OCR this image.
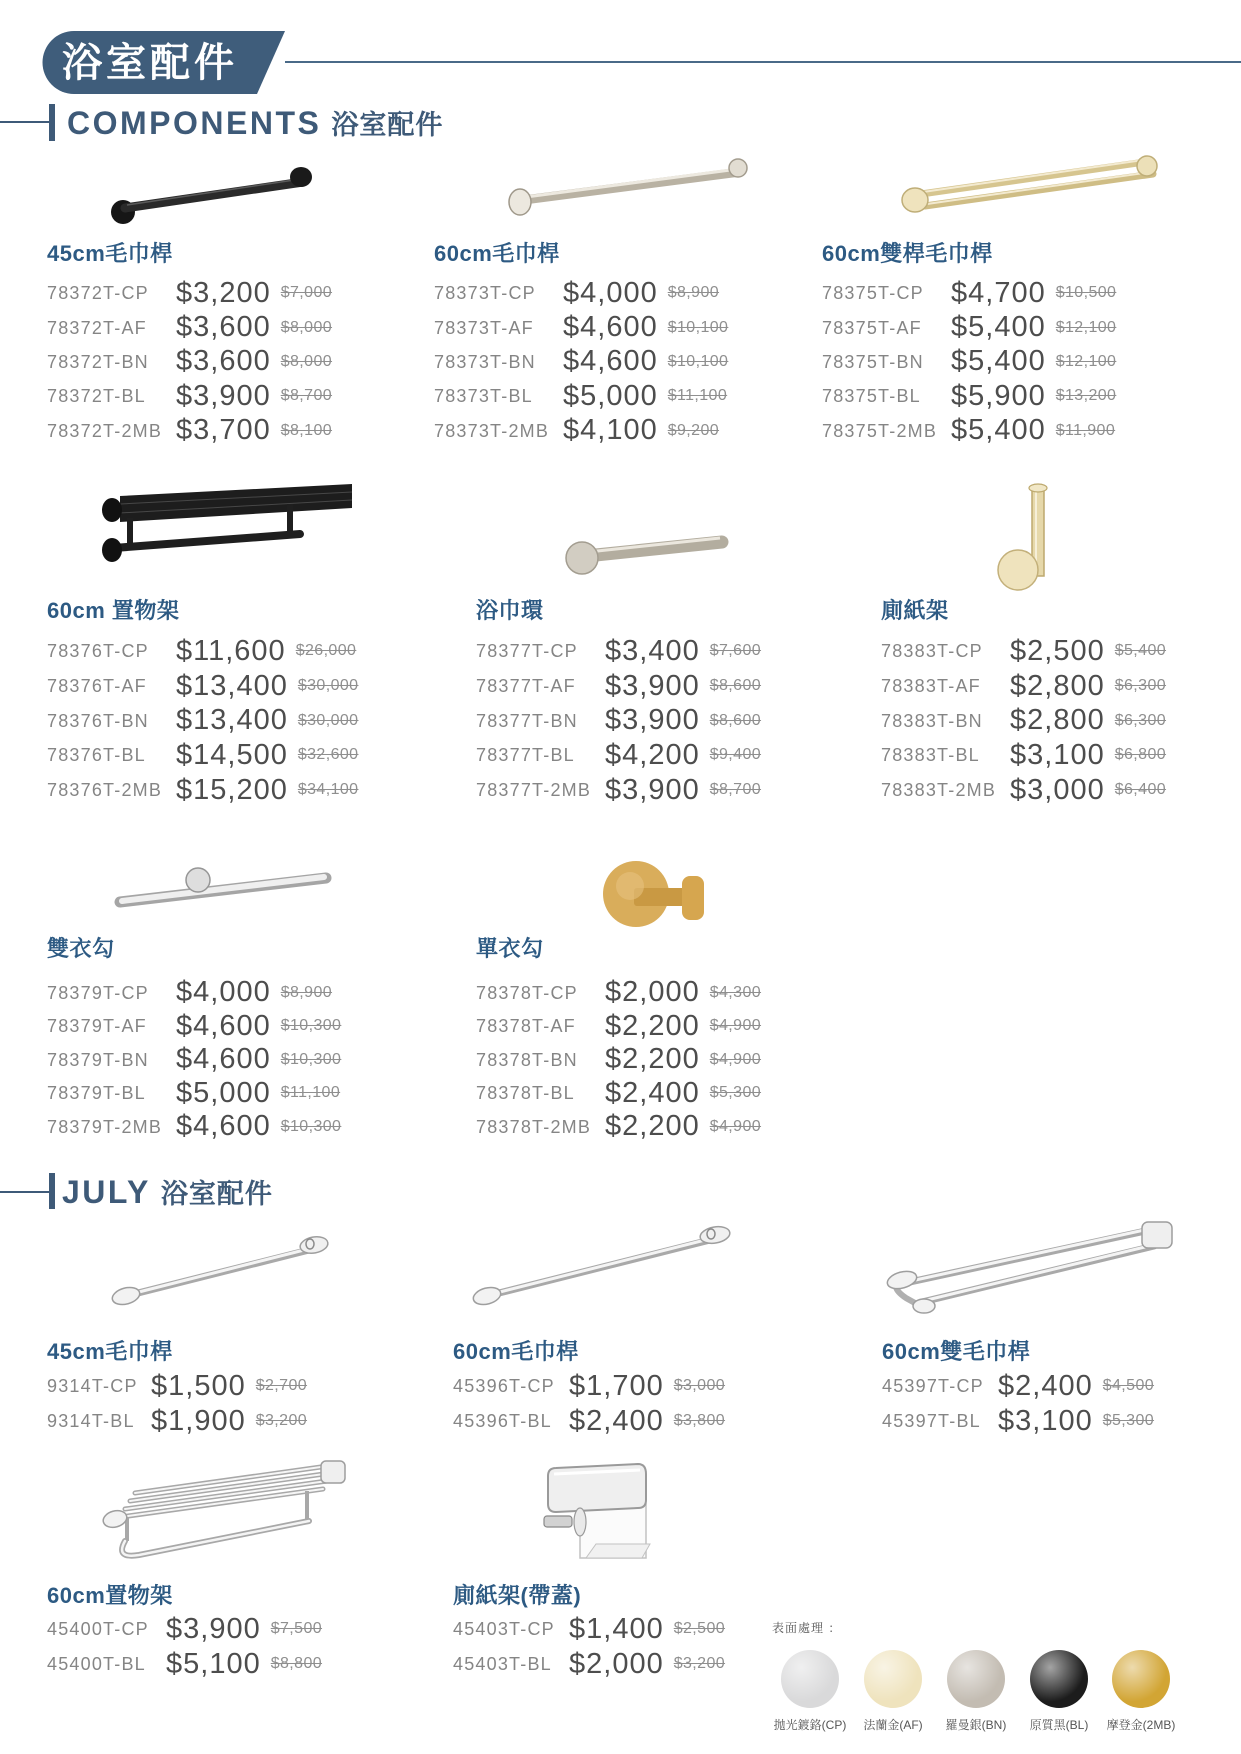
浴室配件
COMPONENTS 浴室配件
JULY 浴室配件
45cm毛巾桿
78372T-CP $3,200 $7,000
78372T-AF	$3,600 $8,000
78372T-BN $3,600 $8,000
78372T-BL	$3,900 $8,700
78372T-2MB $3,700 $8,100
60cm毛巾桿
78373T-CP $4,000 $8,900
78373T-AF	$4,600 $10,100
78373T-BN $4,600 $10,100
78373T-BL	$5,000 $11,100
78373T-2MB $4,100 $9,200
60cm雙桿毛巾桿
78375T-CP $4,700 $10,500
78375T-AF	$5,400 $12,100
78375T-BN $5,400 $12,100
78375T-BL	$5,900 $13,200
78375T-2MB $5,400 $11,900
60cm 置物架
78376T-CP $11,600 $26,000
78376T-AF	$13,400 $30,000
78376T-BN $13,400 $30,000
78376T-BL	$14,500 $32,600
78376T-2MB $15,200 $34,100
浴巾環
78377T-CP $3,400 $7,600
78377T-AF	$3,900 $8,600
78377T-BN $3,900 $8,600
78377T-BL	$4,200 $9,400
78377T-2MB $3,900 $8,700
廁紙架
78383T-CP $2,500 $5,400
78383T-AF	$2,800 $6,300
78383T-BN $2,800 $6,300
78383T-BL	$3,100 $6,800
78383T-2MB $3,000 $6,400
雙衣勾
78379T-CP $4,000 $8,900
78379T-AF	$4,600 $10,300
78379T-BN $4,600 $10,300
78379T-BL	$5,000 $11,100
78379T-2MB $4,600 $10,300
單衣勾
78378T-CP $2,000 $4,300
78378T-AF	$2,200 $4,900
78378T-BN $2,200 $4,900
78378T-BL	$2,400 $5,300
78378T-2MB $2,200 $4,900
45cm毛巾桿
9314T-CP $1,500 $2,700
9314T-BL $1,900 $3,200
60cm毛巾桿
45396T-CP $1,700 $3,000
45396T-BL $2,400 $3,800
60cm雙毛巾桿
45397T-CP $2,400 $4,500
45397T-BL $3,100 $5,300
60cm置物架
45400T-CP $3,900 $7,500
45400T-BL $5,100 $8,800
廁紙架(帶蓋)
45403T-CP $1,400 $2,500
45403T-BL $2,000 $3,200
表面處理 ：
拋光鍍鉻(CP)	法蘭金(AF)	羅曼銀(BN)	原質黑(BL)	摩登金(2MB)
